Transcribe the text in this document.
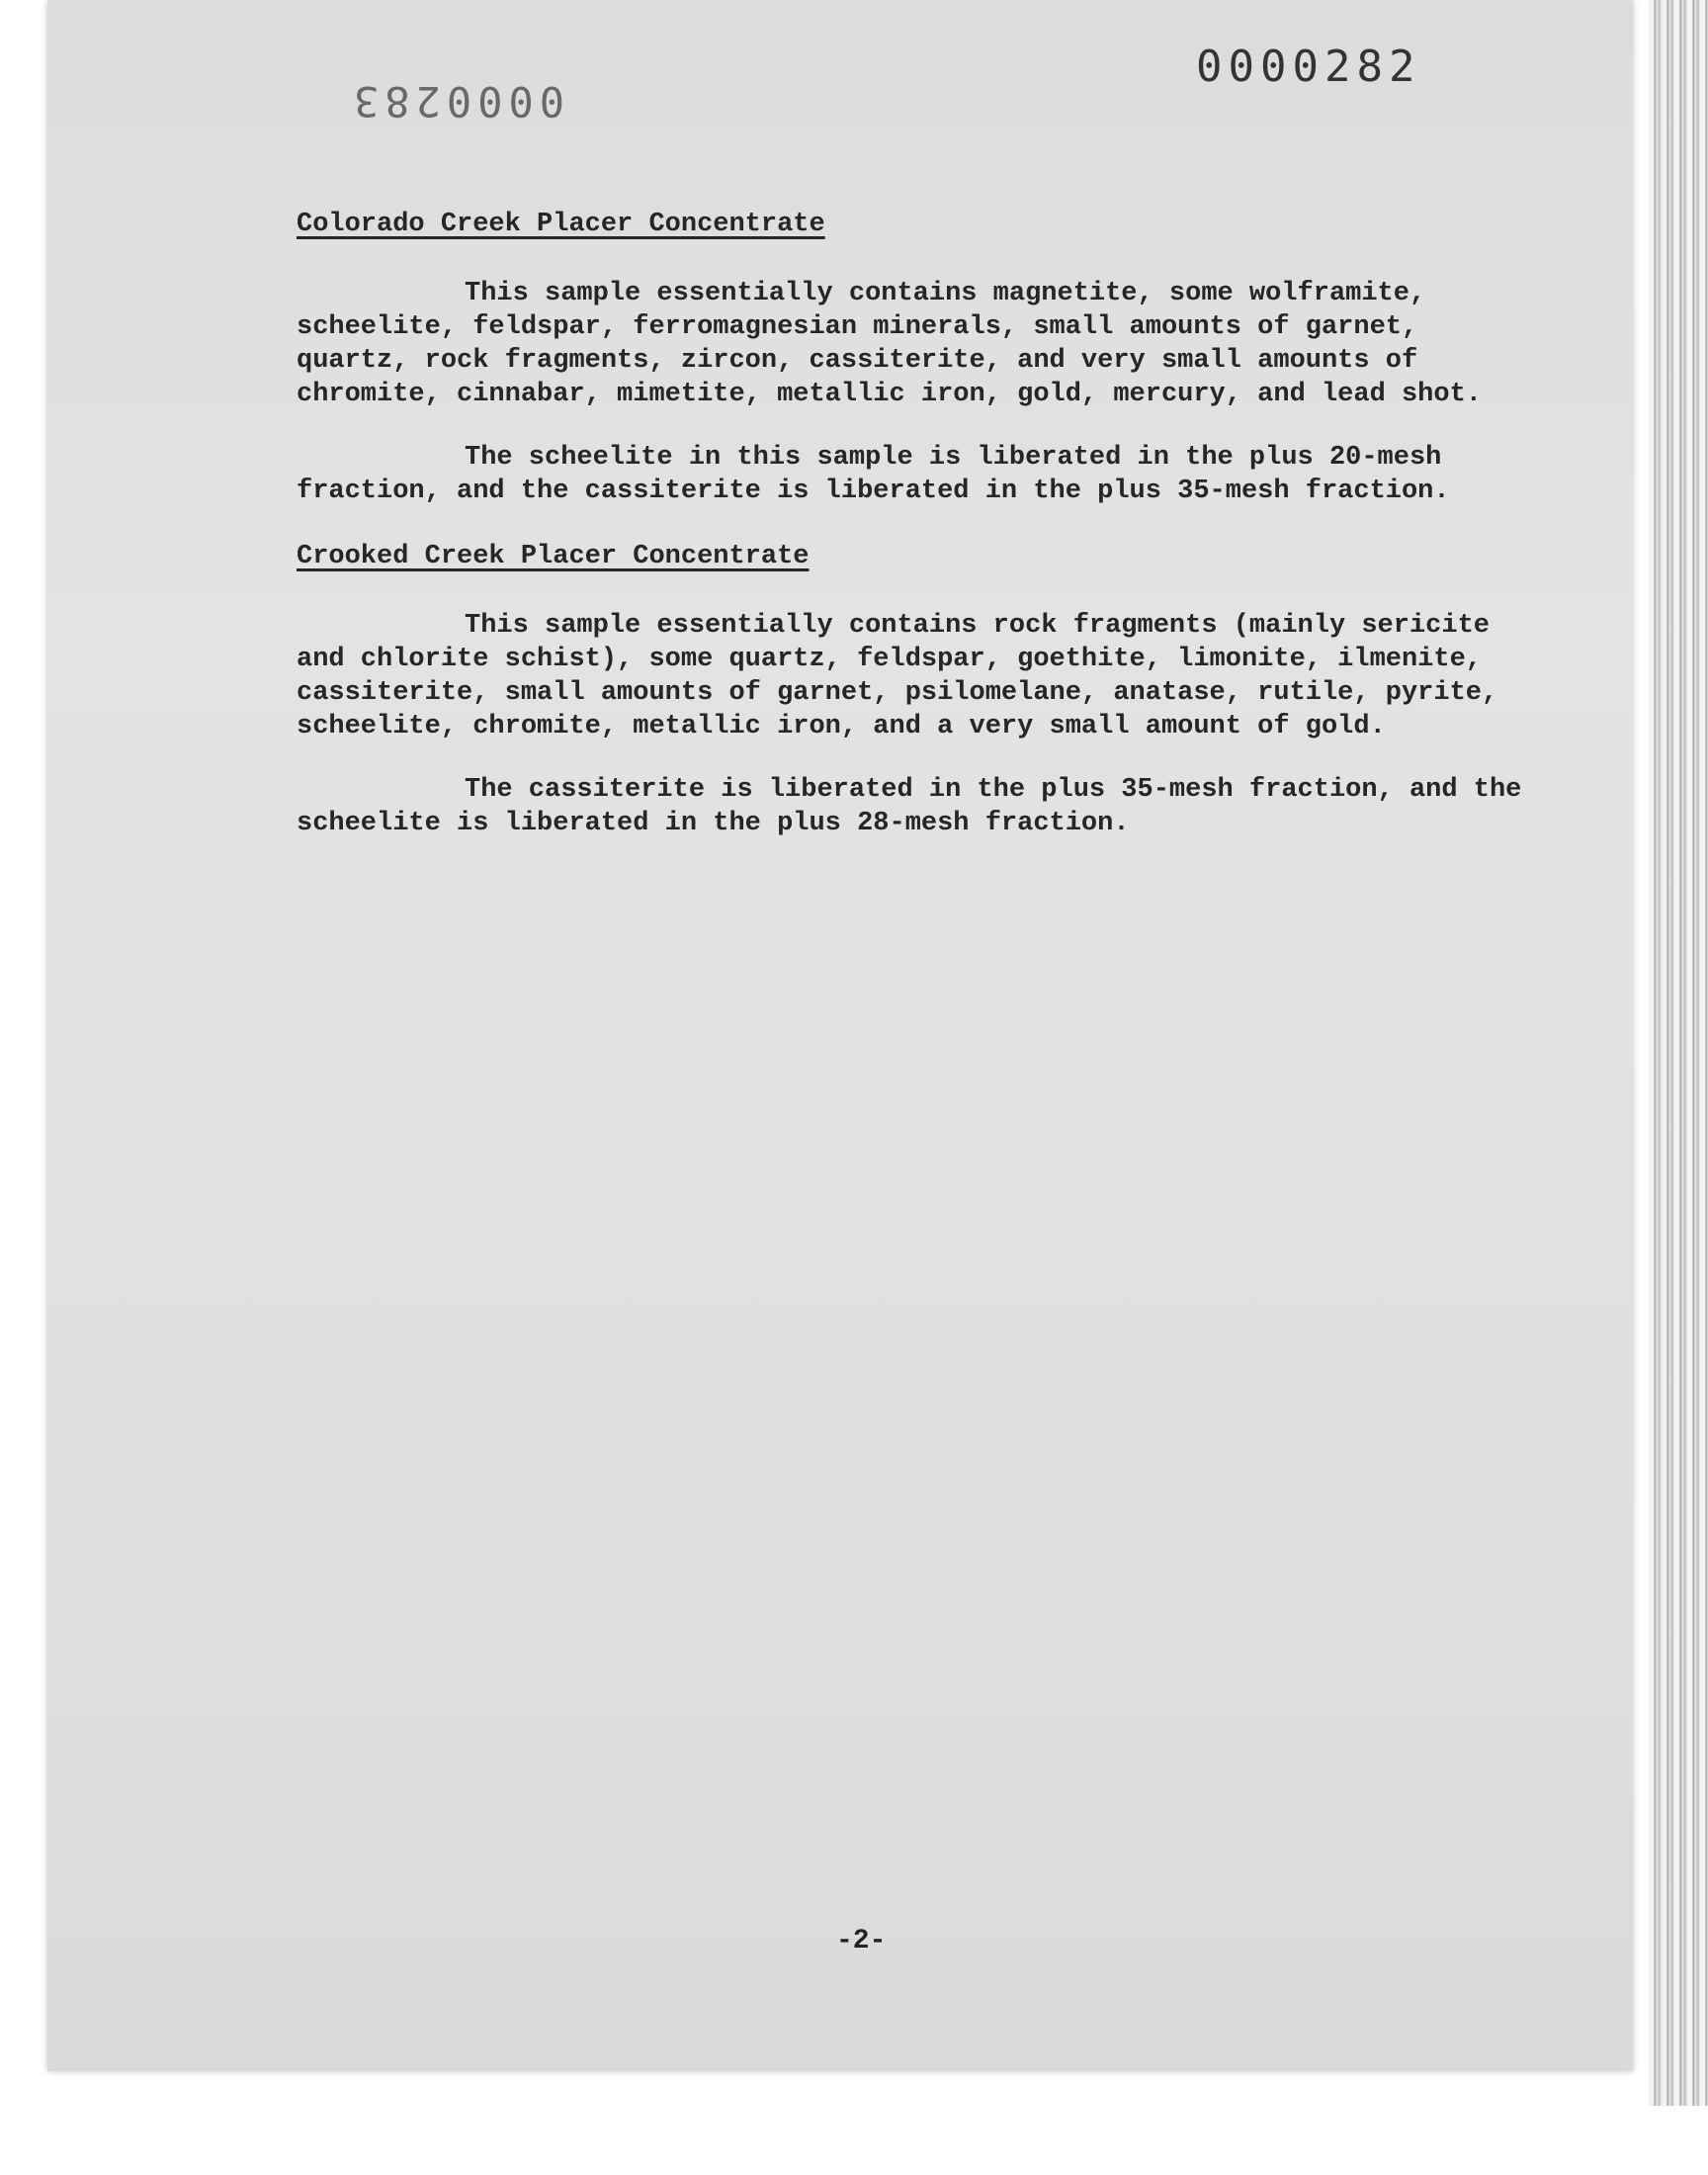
0000282
0000283
Colorado Creek Placer Concentrate

This sample essentially contains magnetite, some wolframite, scheelite, feldspar, ferromagnesian minerals, small amounts of garnet, quartz, rock fragments, zircon, cassiterite, and very small amounts of chromite, cinnabar, mimetite, metallic iron, gold, mercury, and lead shot.

The scheelite in this sample is liberated in the plus 20-mesh fraction, and the cassiterite is liberated in the plus 35-mesh fraction.

Crooked Creek Placer Concentrate

This sample essentially contains rock fragments (mainly sericite and chlorite schist), some quartz, feldspar, goethite, limonite, ilmenite, cassiterite, small amounts of garnet, psilomelane, anatase, rutile, pyrite, scheelite, chromite, metallic iron, and a very small amount of gold.

The cassiterite is liberated in the plus 35-mesh fraction, and the scheelite is liberated in the plus 28-mesh fraction.

-2-
